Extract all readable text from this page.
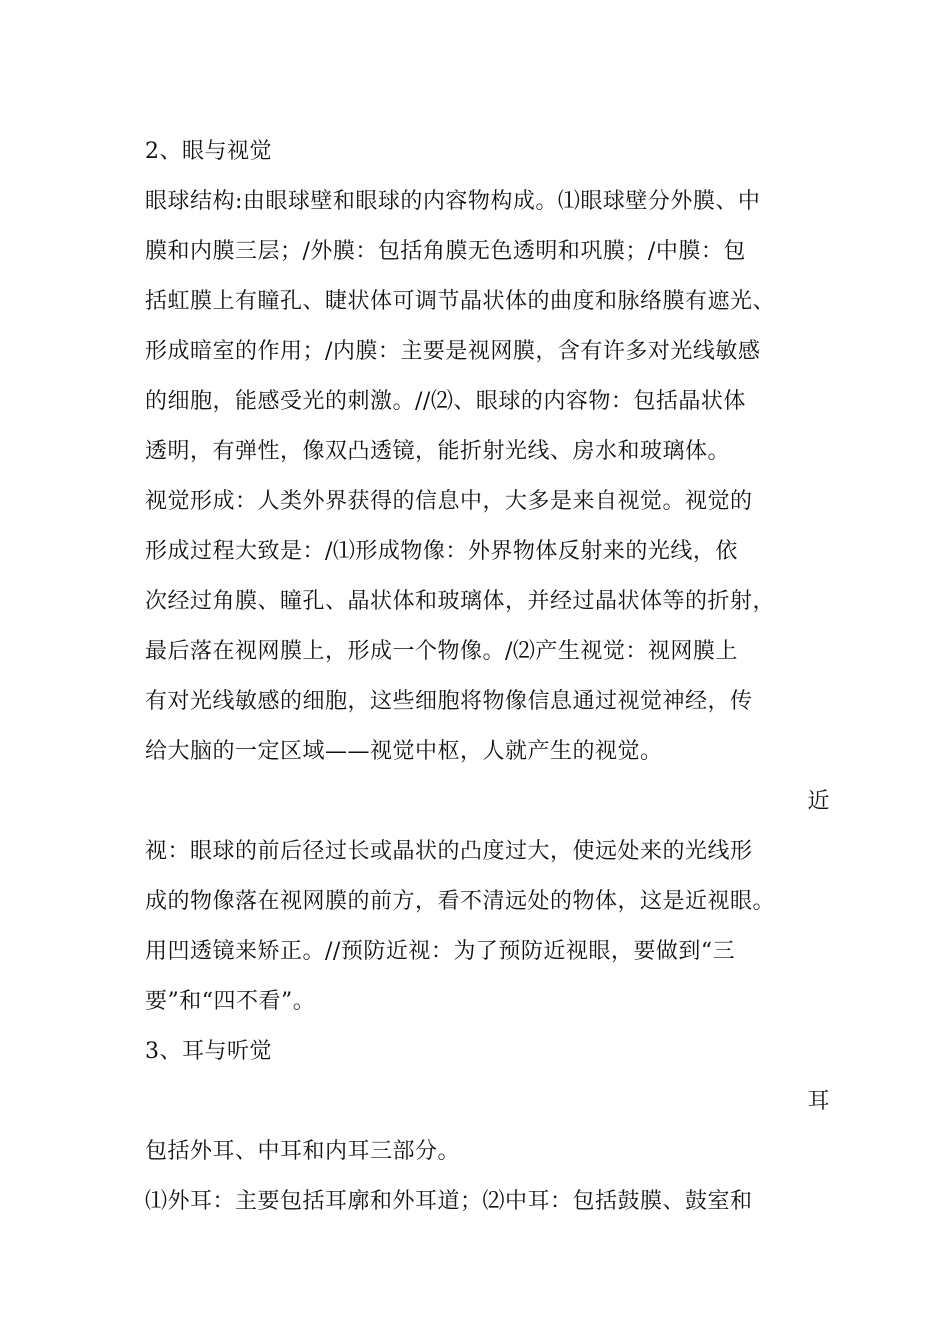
2、眼与视觉
眼球结构:由眼球壁和眼球的内容物构成。⑴眼球壁分外膜、中
膜和内膜三层；/外膜：包括角膜无色透明和巩膜；/中膜：包
括虹膜上有瞳孔、睫状体可调节晶状体的曲度和脉络膜有遮光、
形成暗室的作用；/内膜：主要是视网膜，含有许多对光线敏感
的细胞，能感受光的刺激。//⑵、眼球的内容物：包括晶状体
透明，有弹性，像双凸透镜，能折射光线、房水和玻璃体。
视觉形成：人类外界获得的信息中，大多是来自视觉。视觉的
形成过程大致是：/⑴形成物像：外界物体反射来的光线，依
次经过角膜、瞳孔、晶状体和玻璃体，并经过晶状体等的折射，
最后落在视网膜上，形成一个物像。/⑵产生视觉：视网膜上
有对光线敏感的细胞，这些细胞将物像信息通过视觉神经，传
给大脑的一定区域——视觉中枢，人就产生的视觉。
近
视：眼球的前后径过长或晶状的凸度过大，使远处来的光线形
成的物像落在视网膜的前方，看不清远处的物体，这是近视眼。
用凹透镜来矫正。//预防近视：为了预防近视眼，要做到“三
要”和“四不看”。
3、耳与听觉
耳
包括外耳、中耳和内耳三部分。
⑴外耳：主要包括耳廓和外耳道；⑵中耳：包括鼓膜、鼓室和
